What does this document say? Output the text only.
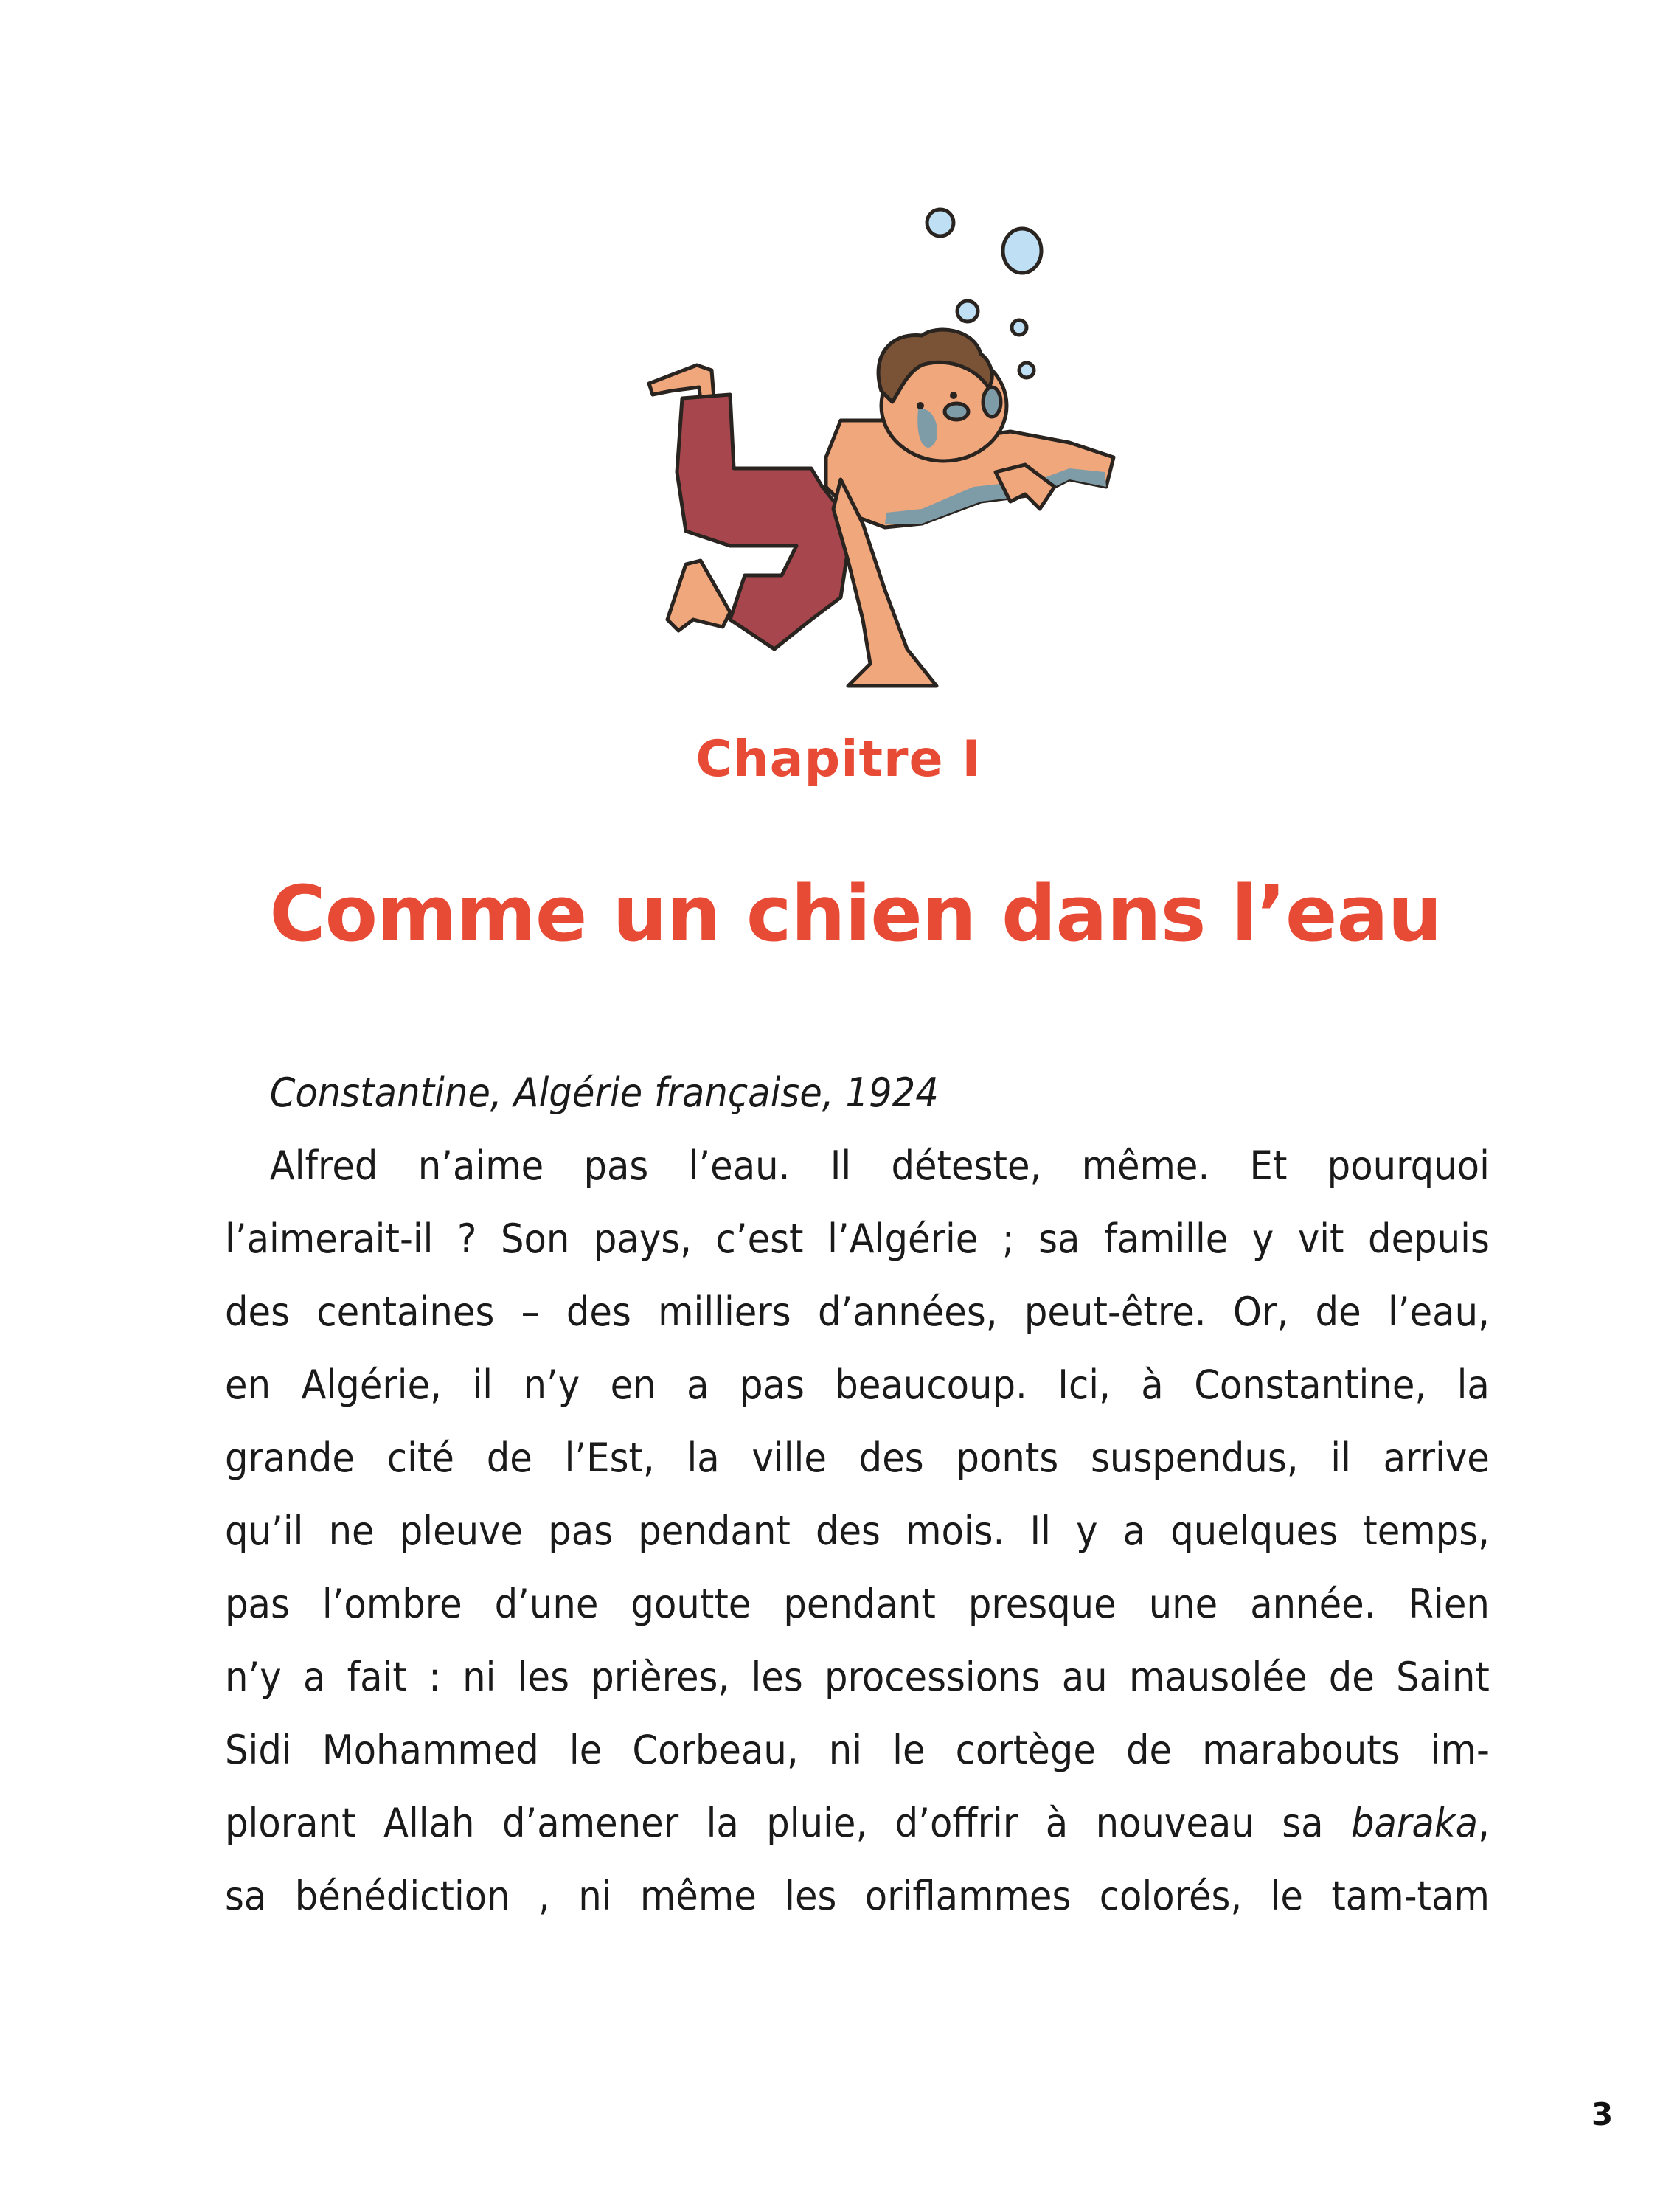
Chapitre I
Comme un chien dans l’eau
Constantine, Algérie française, 1924
Alfred n’aime pas l’eau. Il déteste, même. Et pourquoi
l’aimerait-il ? Son pays, c’est l’Algérie ; sa famille y vit depuis
des centaines – des milliers d’années, peut-être. Or, de l’eau,
en Algérie, il n’y en a pas beaucoup. Ici, à Constantine, la
grande cité de l’Est, la ville des ponts suspendus, il arrive
qu’il ne pleuve pas pendant des mois. Il y a quelques temps,
pas l’ombre d’une goutte pendant presque une année. Rien
n’y a fait : ni les prières, les processions au mausolée de Saint
Sidi Mohammed le Corbeau, ni le cortège de marabouts im-
plorant Allah d’amener la pluie, d’offrir à nouveau sa baraka,
sa bénédiction , ni même les oriflammes colorés, le tam-tam
3
